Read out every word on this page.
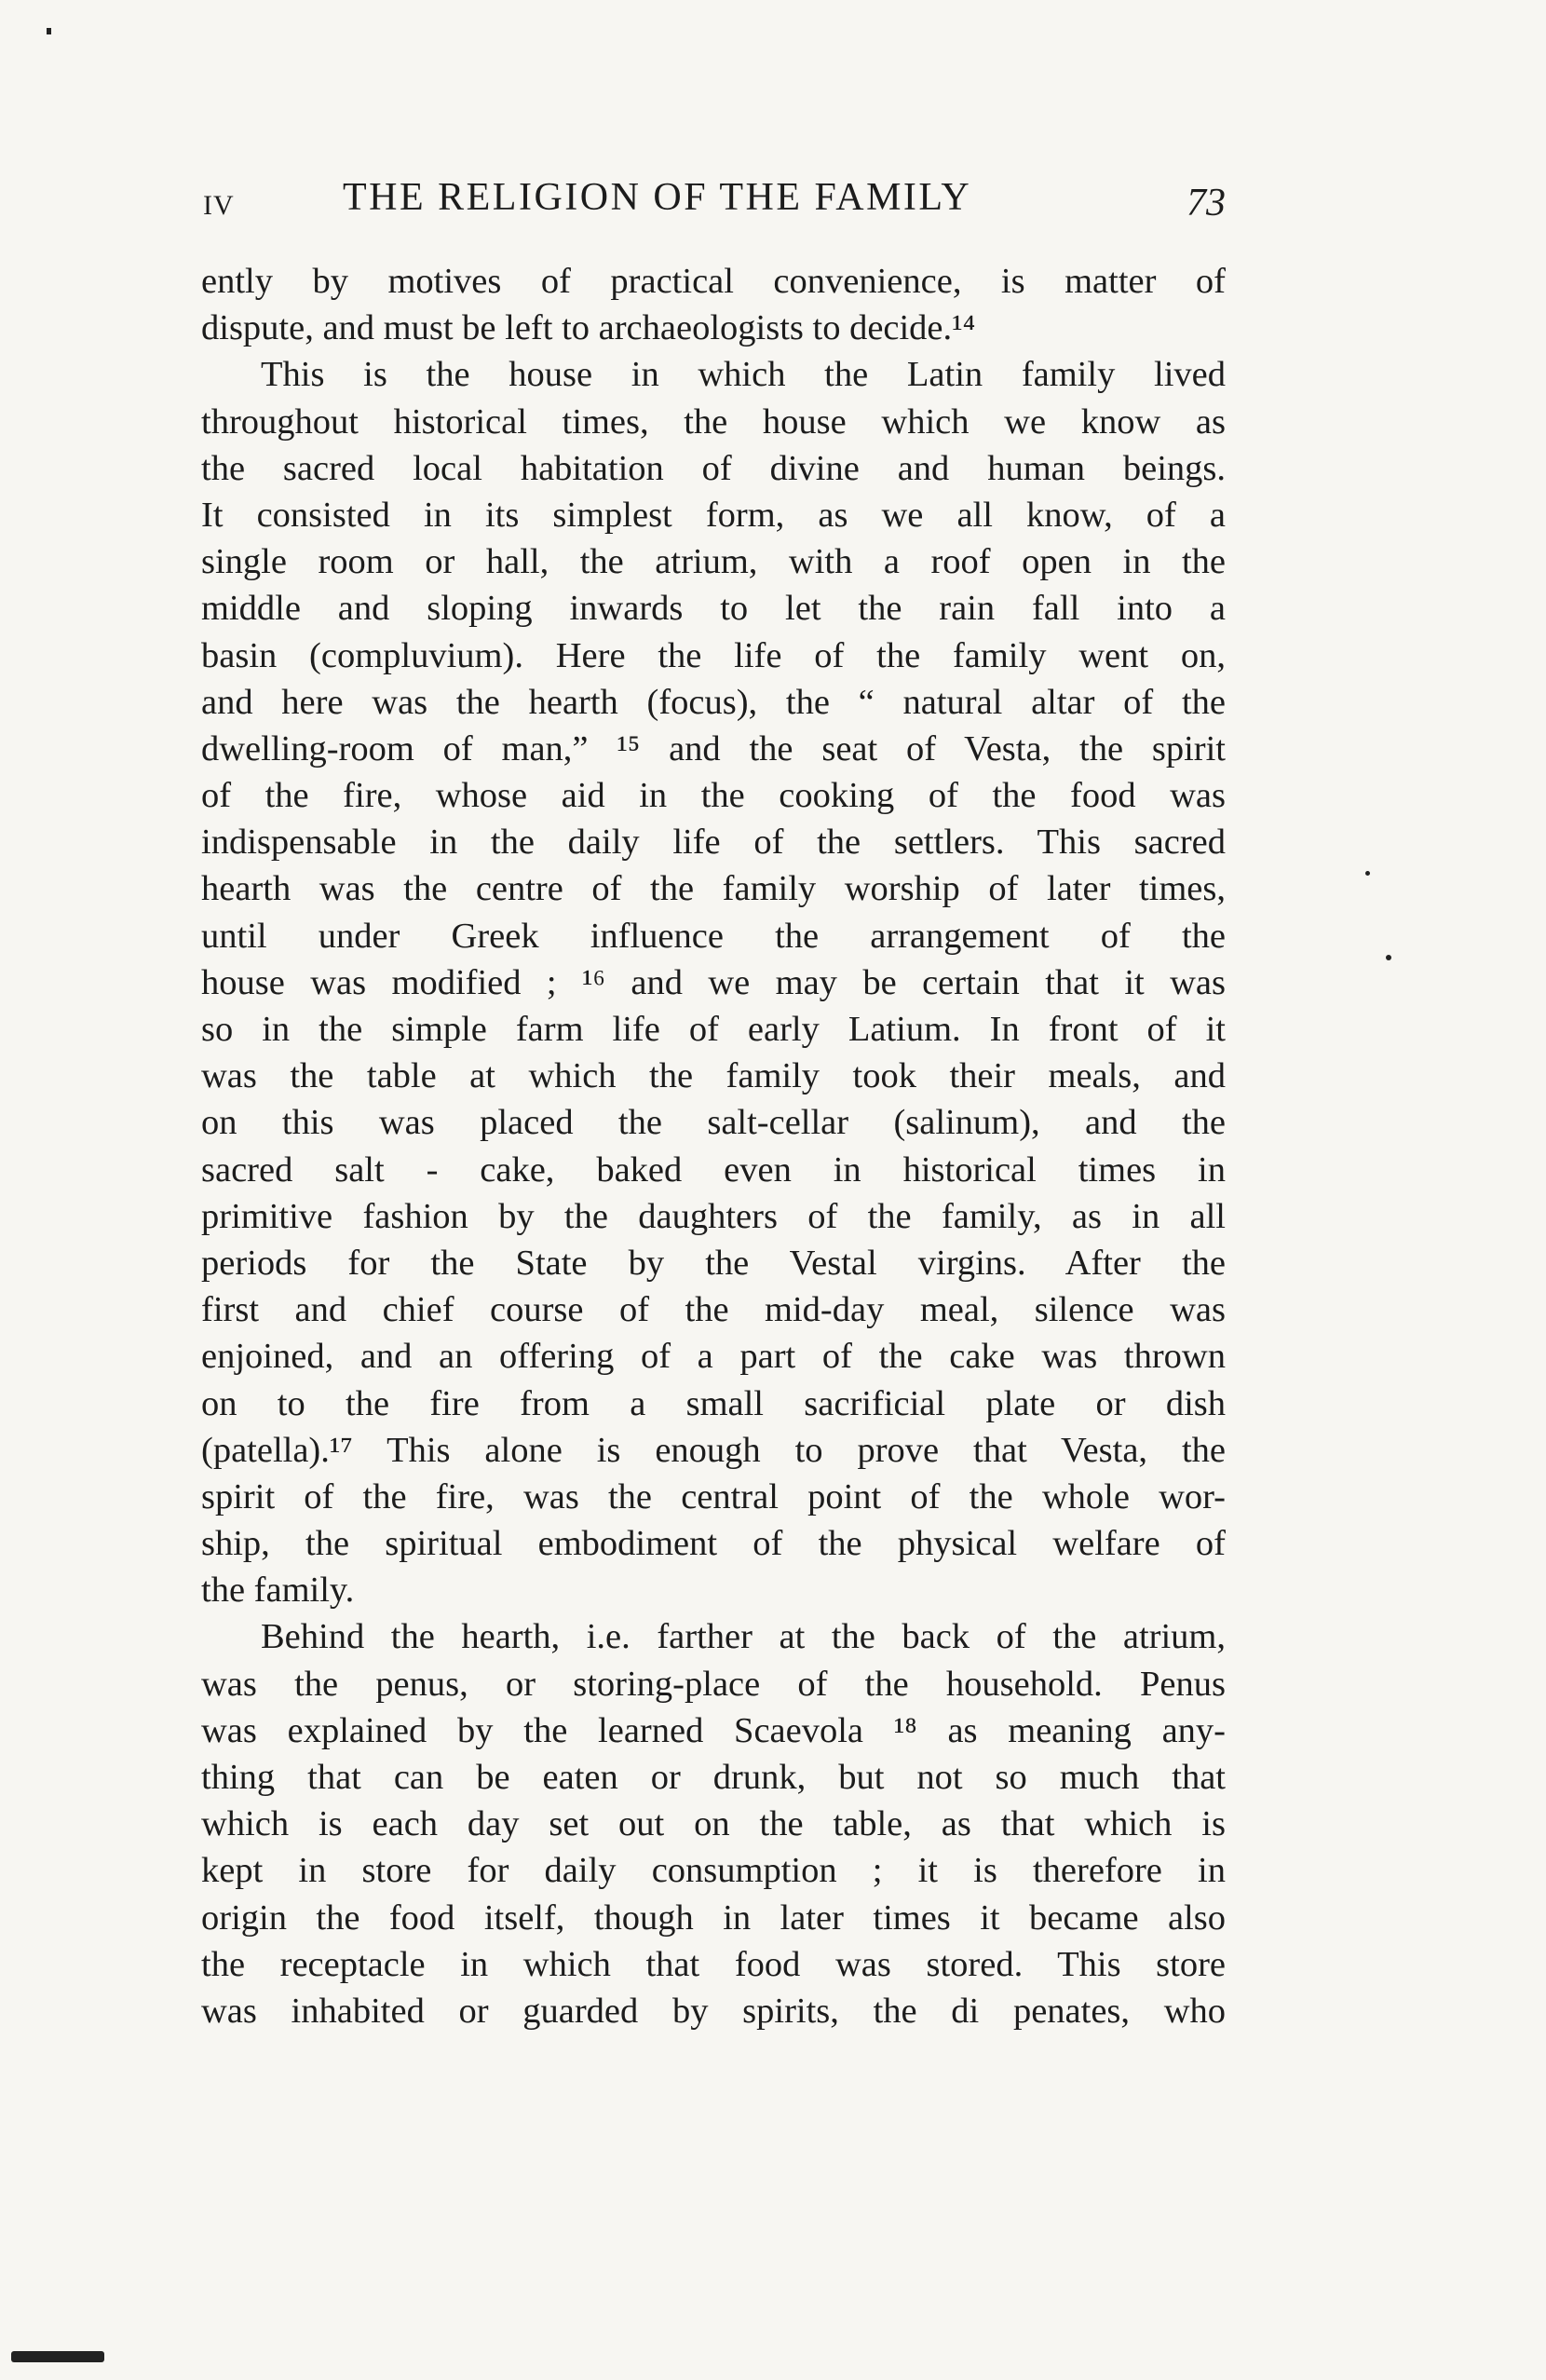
IV	THE RELIGION OF THE FAMILY	73
ently by motives of practical convenience, is matter of
dispute, and must be left to archaeologists to decide.¹⁴
This is the house in which the Latin family lived
throughout historical times, the house which we know as
the sacred local habitation of divine and human beings.
It consisted in its simplest form, as we all know, of a
single room or hall, the atrium, with a roof open in the
middle and sloping inwards to let the rain fall into a
basin (compluvium). Here the life of the family went on,
and here was the hearth (focus), the “ natural altar of the
dwelling-room of man,” ¹⁵ and the seat of Vesta, the spirit
of the fire, whose aid in the cooking of the food was
indispensable in the daily life of the settlers. This sacred
hearth was the centre of the family worship of later times,
until under Greek influence the arrangement of the
house was modified ; ¹⁶ and we may be certain that it was
so in the simple farm life of early Latium. In front of it
was the table at which the family took their meals, and
on this was placed the salt-cellar (salinum), and the
sacred salt - cake, baked even in historical times in
primitive fashion by the daughters of the family, as in all
periods for the State by the Vestal virgins. After the
first and chief course of the mid-day meal, silence was
enjoined, and an offering of a part of the cake was thrown
on to the fire from a small sacrificial plate or dish
(patella).¹⁷ This alone is enough to prove that Vesta, the
spirit of the fire, was the central point of the whole wor-
ship, the spiritual embodiment of the physical welfare of
the family.
Behind the hearth, i.e. farther at the back of the atrium,
was the penus, or storing-place of the household. Penus
was explained by the learned Scaevola ¹⁸ as meaning any-
thing that can be eaten or drunk, but not so much that
which is each day set out on the table, as that which is
kept in store for daily consumption ; it is therefore in
origin the food itself, though in later times it became also
the receptacle in which that food was stored. This store
was inhabited or guarded by spirits, the di penates, who
